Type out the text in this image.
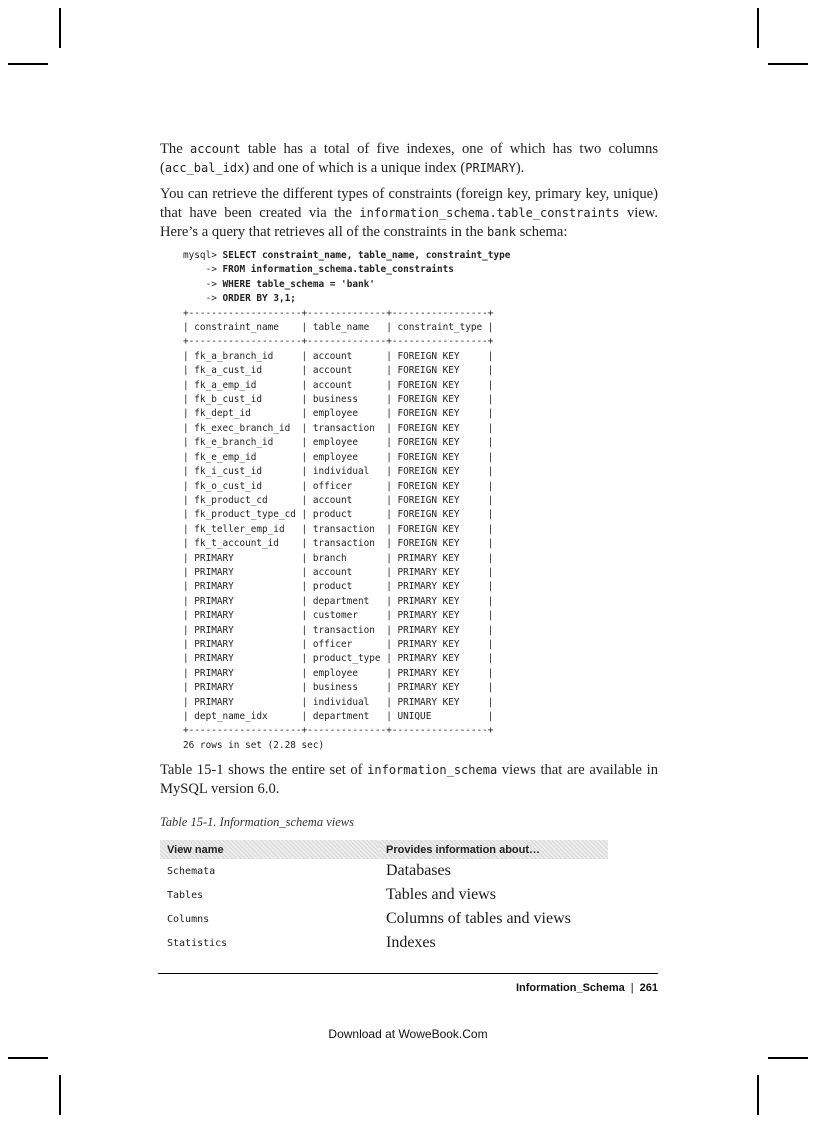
The account table has a total of five indexes, one of which has two columns (acc_bal_idx) and one of which is a unique index (PRIMARY).

You can retrieve the different types of constraints (foreign key, primary key, unique) that have been created via the information_schema.table_constraints view. Here’s a query that retrieves all of the constraints in the bank schema:

mysql> SELECT constraint_name, table_name, constraint_type
-> FROM information_schema.table_constraints
-> WHERE table_schema = 'bank'
-> ORDER BY 3,1;
+--------------------+--------------+-----------------+
| constraint_name    | table_name   | constraint_type |
+--------------------+--------------+-----------------+
| fk_a_branch_id     | account      | FOREIGN KEY     |
| fk_a_cust_id       | account      | FOREIGN KEY     |
| fk_a_emp_id        | account      | FOREIGN KEY     |
| fk_b_cust_id       | business     | FOREIGN KEY     |
| fk_dept_id         | employee     | FOREIGN KEY     |
| fk_exec_branch_id  | transaction  | FOREIGN KEY     |
| fk_e_branch_id     | employee     | FOREIGN KEY     |
| fk_e_emp_id        | employee     | FOREIGN KEY     |
| fk_i_cust_id       | individual   | FOREIGN KEY     |
| fk_o_cust_id       | officer      | FOREIGN KEY     |
| fk_product_cd      | account      | FOREIGN KEY     |
| fk_product_type_cd | product      | FOREIGN KEY     |
| fk_teller_emp_id   | transaction  | FOREIGN KEY     |
| fk_t_account_id    | transaction  | FOREIGN KEY     |
| PRIMARY            | branch       | PRIMARY KEY     |
| PRIMARY            | account      | PRIMARY KEY     |
| PRIMARY            | product      | PRIMARY KEY     |
| PRIMARY            | department   | PRIMARY KEY     |
| PRIMARY            | customer     | PRIMARY KEY     |
| PRIMARY            | transaction  | PRIMARY KEY     |
| PRIMARY            | officer      | PRIMARY KEY     |
| PRIMARY            | product_type | PRIMARY KEY     |
| PRIMARY            | employee     | PRIMARY KEY     |
| PRIMARY            | business     | PRIMARY KEY     |
| PRIMARY            | individual   | PRIMARY KEY     |
| dept_name_idx      | department   | UNIQUE          |
+--------------------+--------------+-----------------+
26 rows in set (2.28 sec)

Table 15-1 shows the entire set of information_schema views that are available in MySQL version 6.0.

Table 15-1. Information_schema views
View name	Provides information about…
Schemata	Databases
Tables	Tables and views
Columns	Columns of tables and views
Statistics	Indexes
Information_Schema | 261
Download at WoweBook.Com
